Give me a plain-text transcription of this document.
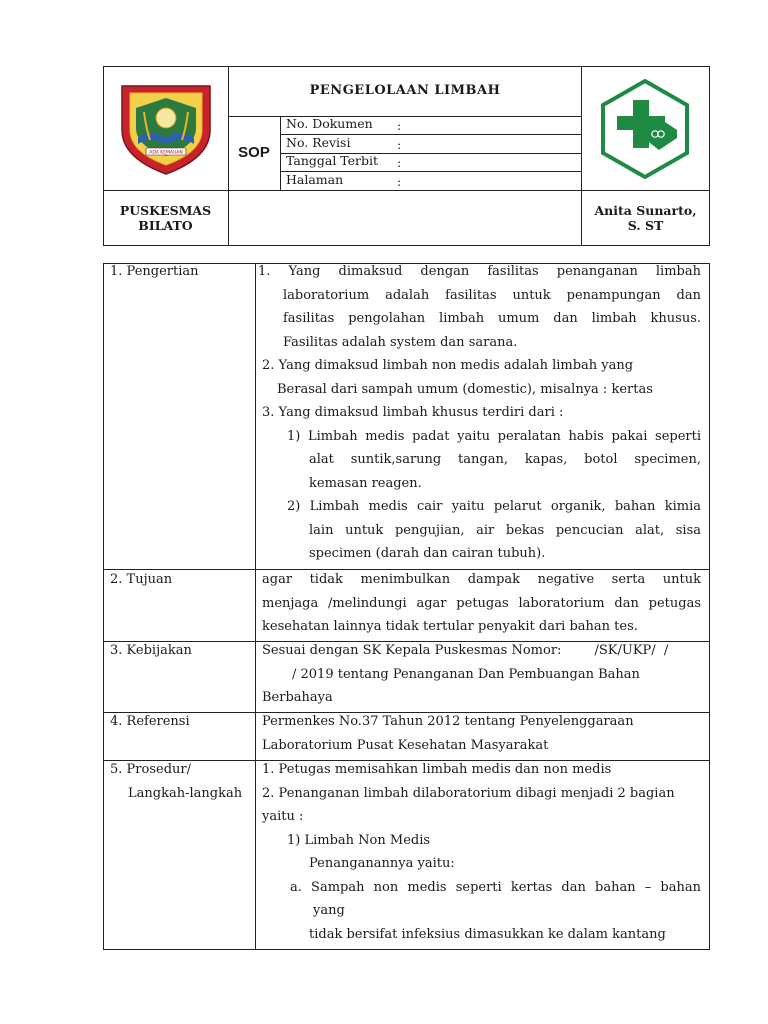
ADA KEMAUAN
PENGELOLAAN LIMBAH
SOP
No. Dokumen :
No. Revisi	:
Tanggal Terbit :
Halaman	:
PUSKESMAS
BILATO
Anita Sunarto,
S. ST
1. Pengertian	1. Yang dimaksud dengan fasilitas penanganan limbah
laboratorium adalah fasilitas untuk penampungan dan
fasilitas pengolahan limbah umum dan limbah khusus.
Fasilitas adalah system dan sarana.
2. Yang dimaksud limbah non medis adalah limbah yang
Berasal dari sampah umum (domestic), misalnya : kertas
3. Yang dimaksud limbah khusus terdiri dari :
1) Limbah medis padat yaitu peralatan habis pakai seperti
alat suntik,sarung tangan, kapas, botol specimen,
kemasan reagen.
2) Limbah medis cair yaitu pelarut organik, bahan kimia
lain untuk pengujian, air bekas pencucian alat, sisa
specimen (darah dan cairan tubuh).
2. Tujuan	agar tidak menimbulkan dampak negative serta untuk
menjaga /melindungi agar petugas laboratorium dan petugas
kesehatan lainnya tidak tertular penyakit dari bahan tes.
3. Kebijakan	Sesuai dengan SK Kepala Puskesmas Nomor:        /SK/UKP/  /
/ 2019 tentang Penanganan Dan Pembuangan Bahan
Berbahaya
4. Referensi	Permenkes No.37 Tahun 2012 tentang Penyelenggaraan
Laboratorium Pusat Kesehatan Masyarakat
5. Prosedur/
Langkah-langkah
1. Petugas memisahkan limbah medis dan non medis
2. Penanganan limbah dilaboratorium dibagi menjadi 2 bagian
yaitu :
1) Limbah Non Medis
Penanganannya yaitu:
a. Sampah non medis seperti kertas dan bahan – bahan
yang
tidak bersifat infeksius dimasukkan ke dalam kantang
